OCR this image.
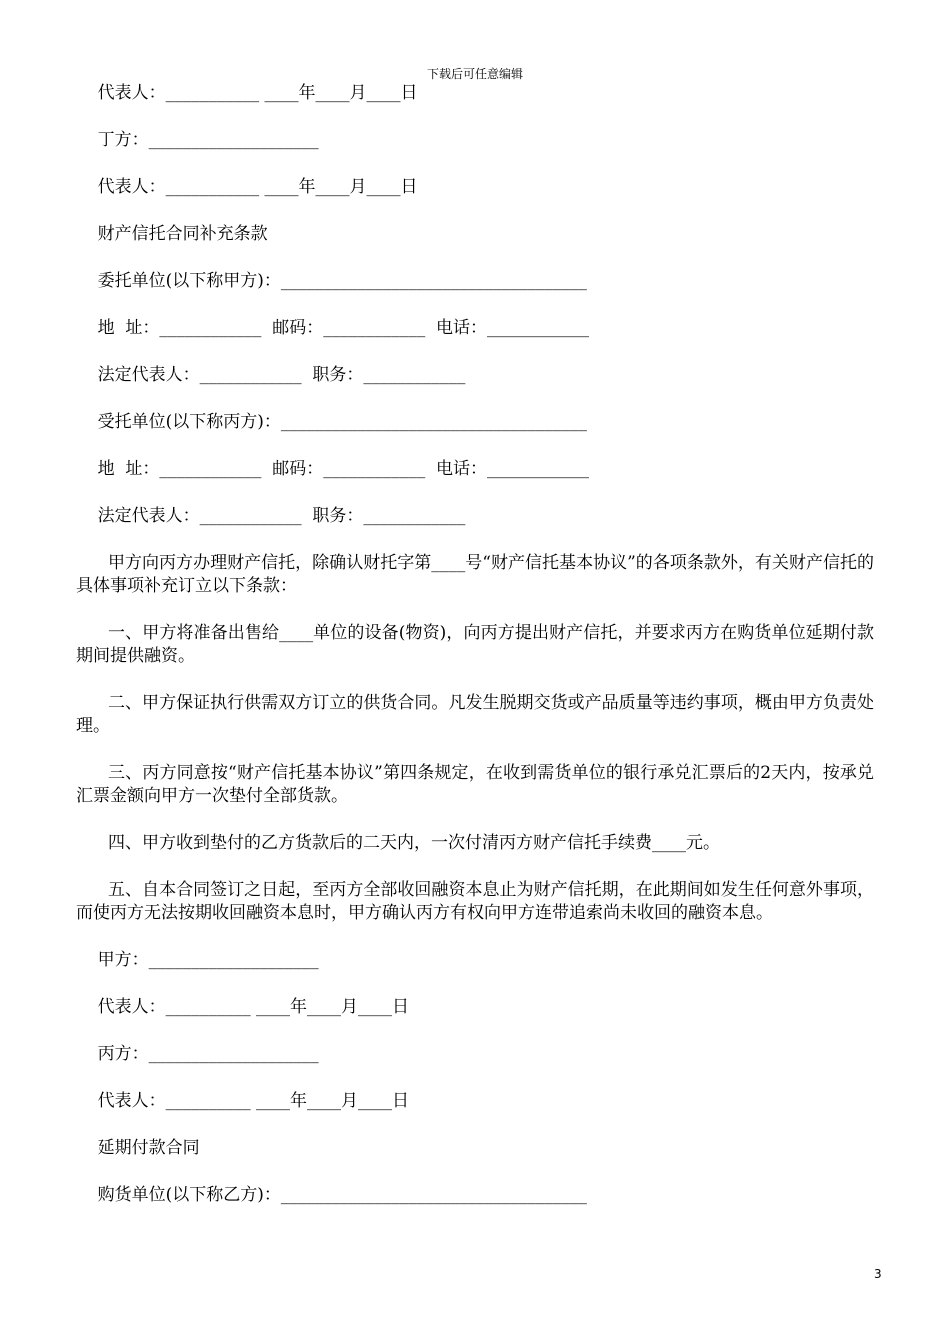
下载后可任意编辑
代表人：___________ ____年____月____日
丁方：____________________
代表人：___________ ____年____月____日
财产信托合同补充条款
委托单位(以下称甲方)：____________________________________
地  址：____________  邮码：____________  电话：____________
法定代表人：____________  职务：____________
受托单位(以下称丙方)：____________________________________
地  址：____________  邮码：____________  电话：____________
法定代表人：____________  职务：____________
甲方向丙方办理财产信托，除确认财托字第____号“财产信托基本协议”的各项条款外，有关财产信托的具体事项补充订立以下条款：
一、甲方将准备出售给____单位的设备(物资)，向丙方提出财产信托，并要求丙方在购货单位延期付款期间提供融资。
二、甲方保证执行供需双方订立的供货合同。凡发生脱期交货或产品质量等违约事项，概由甲方负责处理。
三、丙方同意按“财产信托基本协议”第四条规定，在收到需货单位的银行承兑汇票后的2天内，按承兑汇票金额向甲方一次垫付全部货款。
四、甲方收到垫付的乙方货款后的二天内，一次付清丙方财产信托手续费____元。
五、自本合同签订之日起，至丙方全部收回融资本息止为财产信托期，在此期间如发生任何意外事项，而使丙方无法按期收回融资本息时，甲方确认丙方有权向甲方连带追索尚未收回的融资本息。
甲方：____________________
代表人：__________ ____年____月____日
丙方：____________________
代表人：__________ ____年____月____日
延期付款合同
购货单位(以下称乙方)：____________________________________
3
